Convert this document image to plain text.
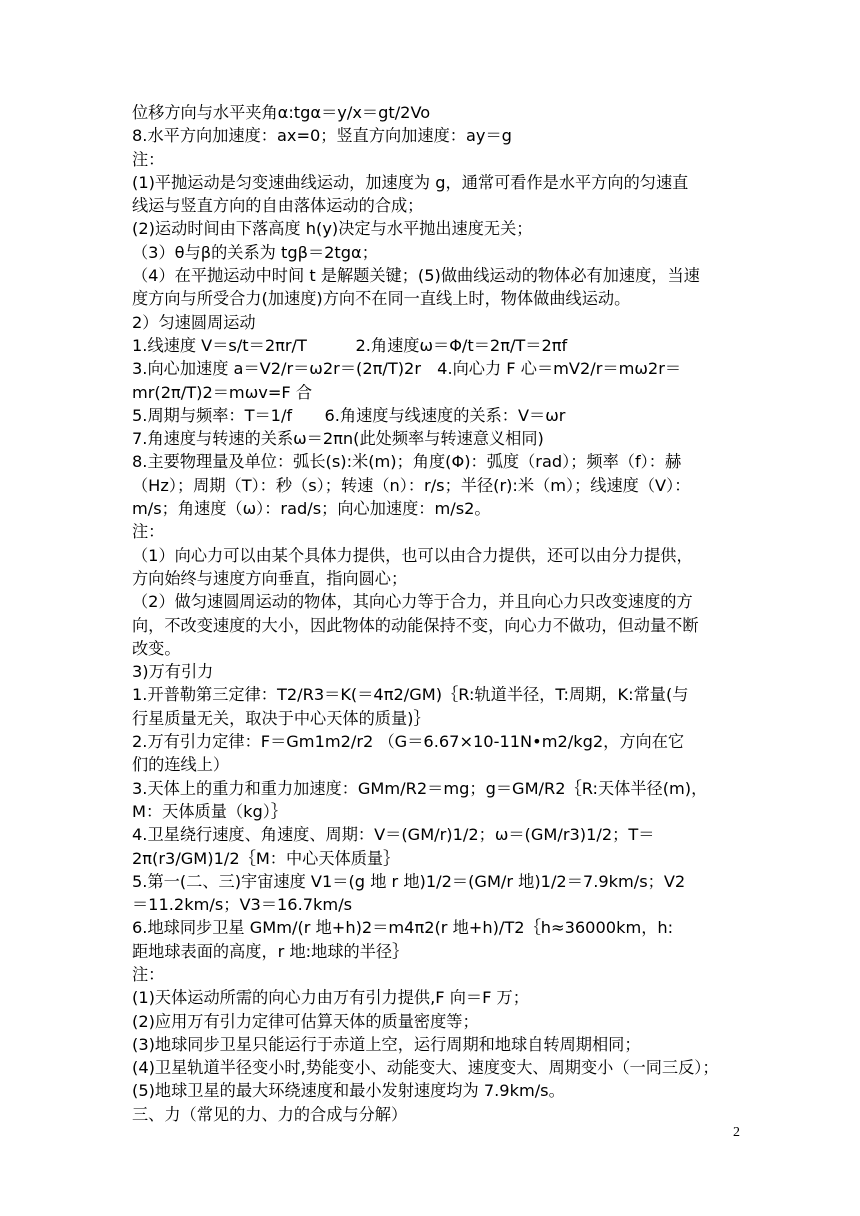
位移方向与水平夹角α:tgα＝y/x＝gt/2Vo
8.水平方向加速度：ax=0；竖直方向加速度：ay＝g
注：
(1)平抛运动是匀变速曲线运动，加速度为 g，通常可看作是水平方向的匀速直
线运与竖直方向的自由落体运动的合成；
(2)运动时间由下落高度 h(y)决定与水平抛出速度无关；
（3）θ与β的关系为 tgβ＝2tgα；
（4）在平抛运动中时间 t 是解题关键；(5)做曲线运动的物体必有加速度，当速
度方向与所受合力(加速度)方向不在同一直线上时，物体做曲线运动。
2）匀速圆周运动
1.线速度 V＝s/t＝2πr/T　　　2.角速度ω＝Φ/t＝2π/T＝2πf
3.向心加速度 a＝V2/r＝ω2r＝(2π/T)2r　4.向心力 F 心＝mV2/r＝mω2r＝
mr(2π/T)2＝mωv=F 合
5.周期与频率：T＝1/f　　6.角速度与线速度的关系：V＝ωr
7.角速度与转速的关系ω＝2πn(此处频率与转速意义相同)
8.主要物理量及单位：弧长(s):米(m)；角度(Φ)：弧度（rad）；频率（f）：赫
（Hz）；周期（T）：秒（s）；转速（n）：r/s；半径(r):米（m）；线速度（V）：
m/s；角速度（ω）：rad/s；向心加速度：m/s2。
注：
（1）向心力可以由某个具体力提供，也可以由合力提供，还可以由分力提供，
方向始终与速度方向垂直，指向圆心；
（2）做匀速圆周运动的物体，其向心力等于合力，并且向心力只改变速度的方
向，不改变速度的大小，因此物体的动能保持不变，向心力不做功，但动量不断
改变。
3)万有引力
1.开普勒第三定律：T2/R3＝K(＝4π2/GM)｛R:轨道半径，T:周期，K:常量(与
行星质量无关，取决于中心天体的质量)｝
2.万有引力定律：F＝Gm1m2/r2 （G＝6.67×10-11N•m2/kg2，方向在它
们的连线上）
3.天体上的重力和重力加速度：GMm/R2＝mg；g＝GM/R2｛R:天体半径(m)，
M：天体质量（kg）｝
4.卫星绕行速度、角速度、周期：V＝(GM/r)1/2；ω＝(GM/r3)1/2；T＝
2π(r3/GM)1/2｛M：中心天体质量｝
5.第一(二、三)宇宙速度 V1＝(g 地 r 地)1/2＝(GM/r 地)1/2＝7.9km/s；V2
＝11.2km/s；V3＝16.7km/s
6.地球同步卫星 GMm/(r 地+h)2＝m4π2(r 地+h)/T2｛h≈36000km，h:
距地球表面的高度，r 地:地球的半径｝
注：
(1)天体运动所需的向心力由万有引力提供,F 向＝F 万；
(2)应用万有引力定律可估算天体的质量密度等；
(3)地球同步卫星只能运行于赤道上空，运行周期和地球自转周期相同；
(4)卫星轨道半径变小时,势能变小、动能变大、速度变大、周期变小（一同三反）；
(5)地球卫星的最大环绕速度和最小发射速度均为 7.9km/s。
三、力（常见的力、力的合成与分解）
2
